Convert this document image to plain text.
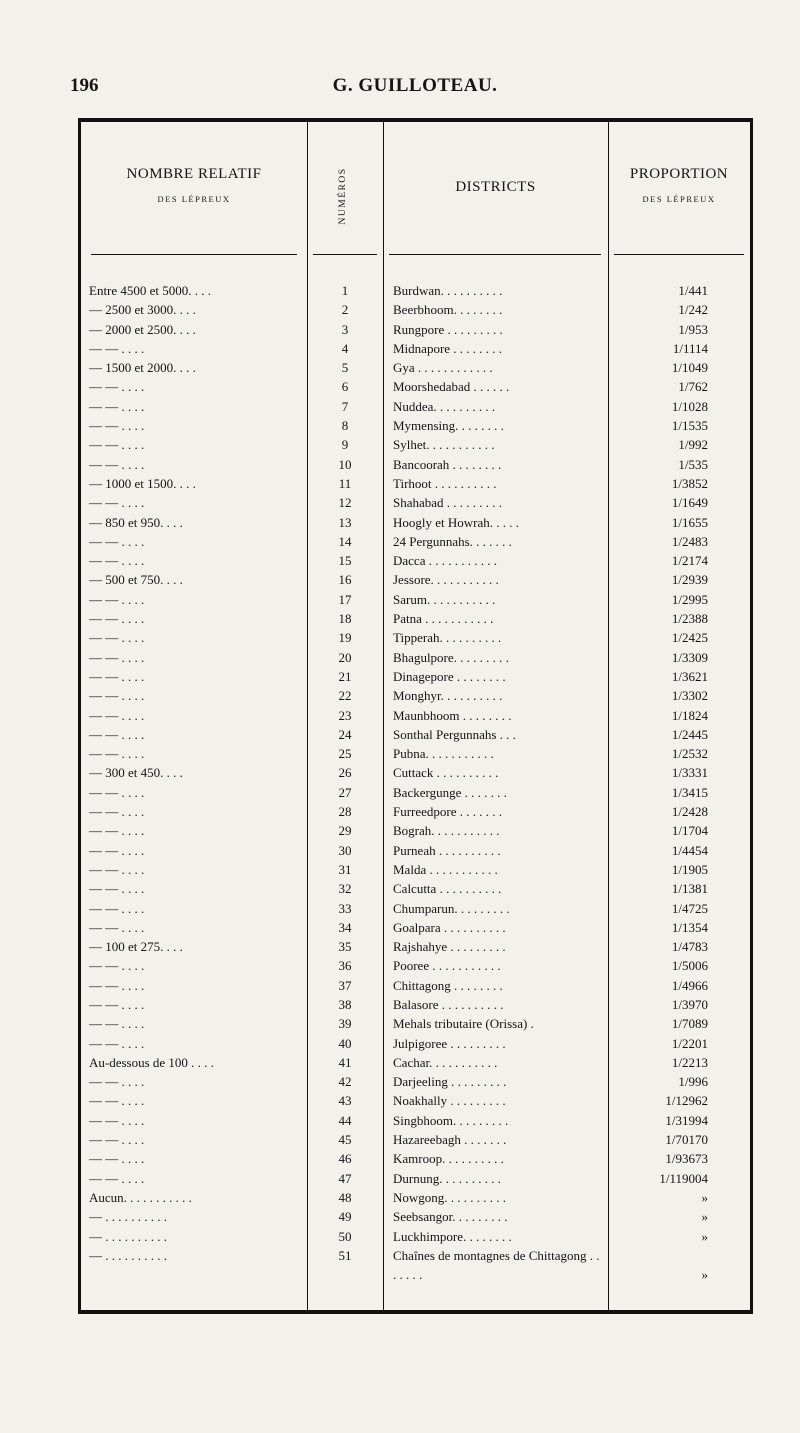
196	G. GUILLOTEAU.
NOMBRE RELATIF
DES LÉPREUX	NUMÉROS	DISTRICTS
PROPORTION
DES LÉPREUX
Entre 4500 et 5000. . . .	1	Burdwan. . . . . . . . . .	1/441
— 2500 et 3000. . . .	2	Beerbhoom. . . . . . . .	1/242
— 2000 et 2500. . . .	3	Rungpore . . . . . . . . .	1/953
— — . . . .	4	Midnapore . . . . . . . .	1/1114
— 1500 et 2000. . . .	5	Gya . . . . . . . . . . . .	1/1049
— — . . . .	6	Moorshedabad . . . . . .	1/762
— — . . . .	7	Nuddea. . . . . . . . . .	1/1028
— — . . . .	8	Mymensing. . . . . . . .	1/1535
— — . . . .	9	Sylhet. . . . . . . . . . .	1/992
— — . . . .	10	Bancoorah . . . . . . . .	1/535
— 1000 et 1500. . . .	11	Tirhoot . . . . . . . . . .	1/3852
— — . . . .	12	Shahabad . . . . . . . . .	1/1649
— 850 et 950. . . .	13	Hoogly et Howrah. . . . .	1/1655
— — . . . .	14	24 Pergunnahs. . . . . . .	1/2483
— — . . . .	15	Dacca . . . . . . . . . . .	1/2174
— 500 et 750. . . .	16	Jessore. . . . . . . . . . .	1/2939
— — . . . .	17	Sarum. . . . . . . . . . .	1/2995
— — . . . .	18	Patna . . . . . . . . . . .	1/2388
— — . . . .	19	Tipperah. . . . . . . . . .	1/2425
— — . . . .	20	Bhagulpore. . . . . . . . .	1/3309
— — . . . .	21	Dinagepore . . . . . . . .	1/3621
— — . . . .	22	Monghyr. . . . . . . . . .	1/3302
— — . . . .	23	Maunbhoom . . . . . . . .	1/1824
— — . . . .	24	Sonthal Pergunnahs . . .	1/2445
— — . . . .	25	Pubna. . . . . . . . . . .	1/2532
— 300 et 450. . . .	26	Cuttack . . . . . . . . . .	1/3331
— — . . . .	27	Backergunge . . . . . . .	1/3415
— — . . . .	28	Furreedpore . . . . . . .	1/2428
— — . . . .	29	Bograh. . . . . . . . . . .	1/1704
— — . . . .	30	Purneah . . . . . . . . . .	1/4454
— — . . . .	31	Malda . . . . . . . . . . .	1/1905
— — . . . .	32	Calcutta . . . . . . . . . .	1/1381
— — . . . .	33	Chumparun. . . . . . . . .	1/4725
— — . . . .	34	Goalpara . . . . . . . . . .	1/1354
— 100 et 275. . . .	35	Rajshahye . . . . . . . . .	1/4783
— — . . . .	36	Pooree . . . . . . . . . . .	1/5006
— — . . . .	37	Chittagong . . . . . . . .	1/4966
— — . . . .	38	Balasore . . . . . . . . . .	1/3970
— — . . . .	39	Mehals tributaire (Orissa) .	1/7089
— — . . . .	40	Julpigoree . . . . . . . . .	1/2201
Au-dessous de 100 . . . .	41	Cachar. . . . . . . . . . .	1/2213
— — . . . .	42	Darjeeling . . . . . . . . .	1/996
— — . . . .	43	Noakhally . . . . . . . . .	1/12962
— — . . . .	44	Singbhoom. . . . . . . . .	1/31994
— — . . . .	45	Hazareebagh . . . . . . .	1/70170
— — . . . .	46	Kamroop. . . . . . . . . .	1/93673
— — . . . .	47	Durnung. . . . . . . . . .	1/119004
Aucun. . . . . . . . . . .	48	Nowgong. . . . . . . . . .	»
— . . . . . . . . . .	49	Seebsangor. . . . . . . . .	»
— . . . . . . . . . .	50	Luckhimpore. . . . . . . .	»
— . . . . . . . . . .	51	Chaînes de montagnes de Chittagong . . . . . . .	»
